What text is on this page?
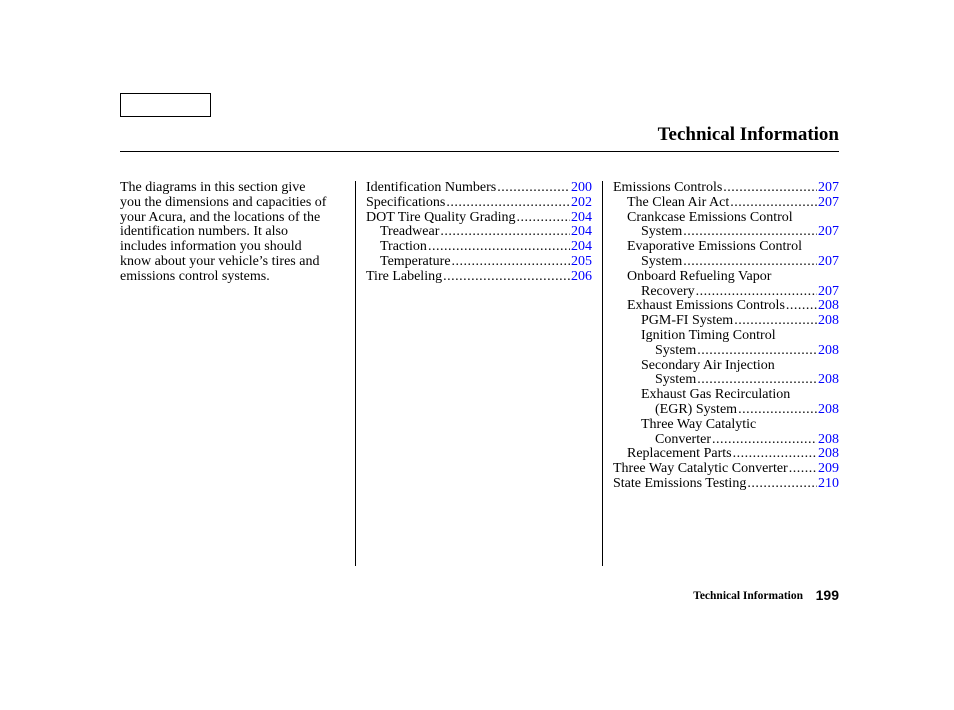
Technical Information
The diagrams in this section give
you the dimensions and capacities of
your Acura, and the locations of the
identification numbers. It also
includes information you should
know about your vehicle’s tires and
emissions control systems.
Identification Numbers .....	200
Specifications .....	202
DOT Tire Quality Grading .....	204
Treadwear .....	204
Traction .....	204
Temperature .....	205
Tire Labeling .....	206
Emissions Controls .....	207
The Clean Air Act .....	207
Crankcase Emissions Control
System .....	207
Evaporative Emissions Control
System .....	207
Onboard Refueling Vapor
Recovery .....	207
Exhaust Emissions Controls ..... 208
PGM-FI System .....	208
Ignition Timing Control
System .....	208
Secondary Air Injection
System .....	208
Exhaust Gas Recirculation
(EGR) System .....	208
Three Way Catalytic
Converter .....	208
Replacement Parts .....	208
Three Way Catalytic Converter ..... 209
State Emissions Testing .....	210
Technical Information 199
